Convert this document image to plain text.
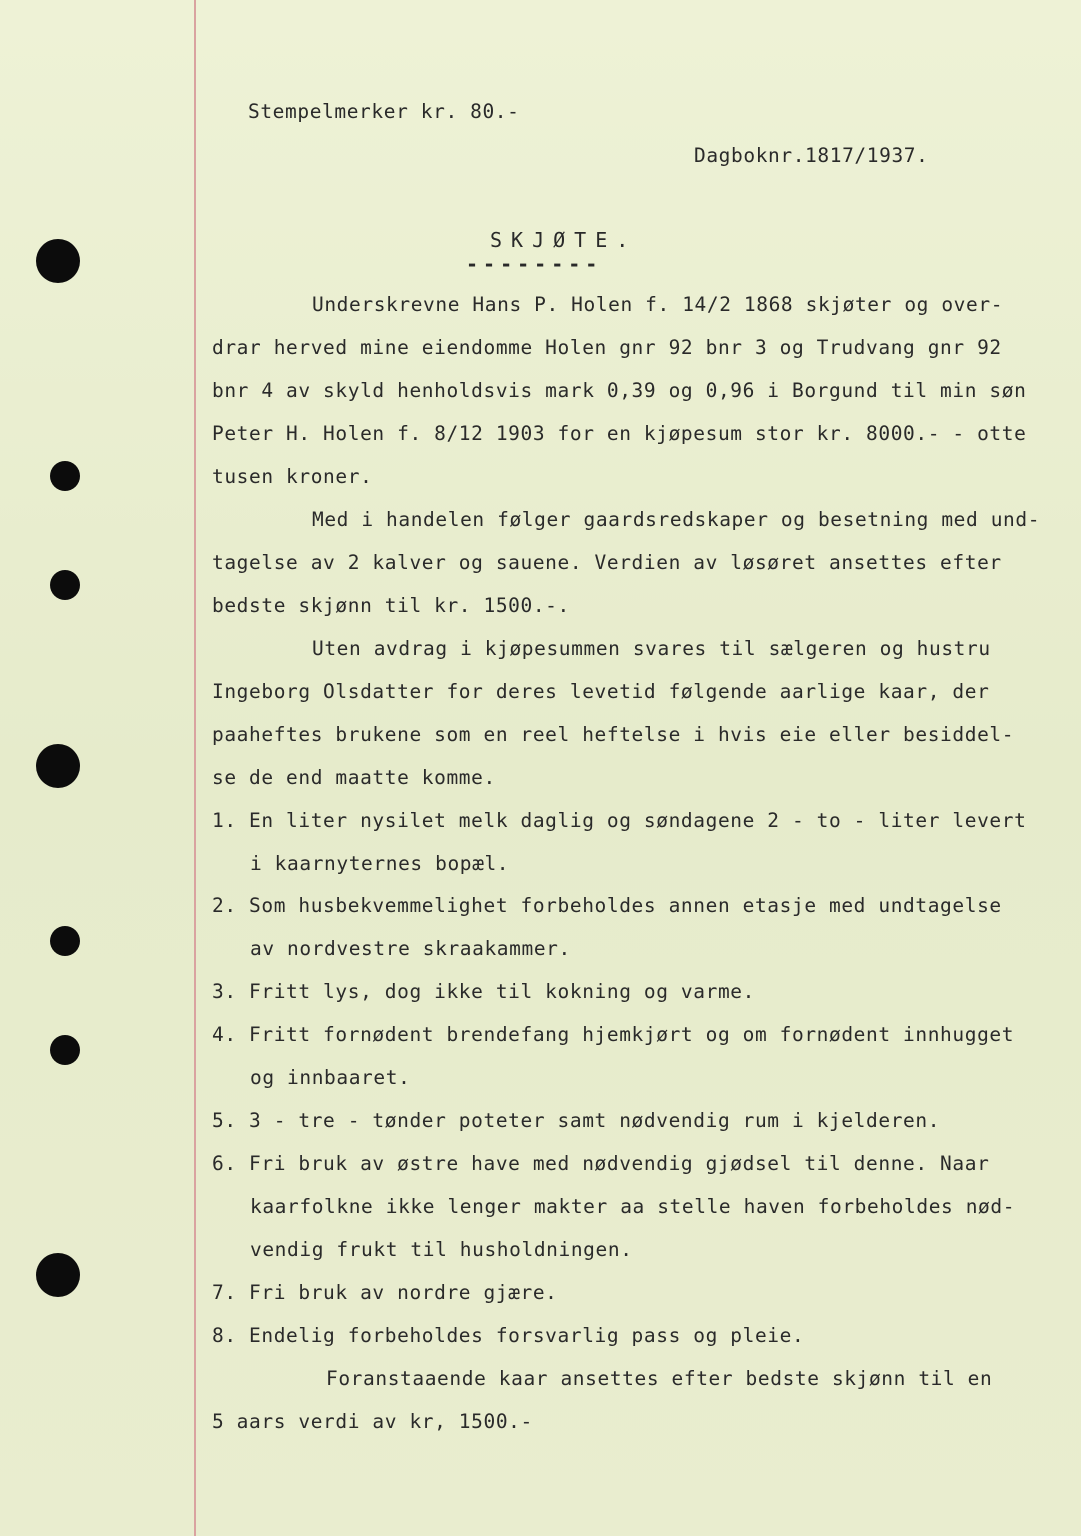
Stempelmerker kr. 80.-
Dagboknr.1817/1937.
SKJØTE.
--------
Underskrevne Hans P. Holen f. 14/2 1868 skjøter og over-
drar herved mine eiendomme Holen gnr 92 bnr 3 og Trudvang gnr 92
bnr 4 av skyld henholdsvis mark 0,39 og 0,96 i Borgund til min søn
Peter H. Holen f. 8/12 1903 for en kjøpesum stor kr. 8000.- - otte
tusen kroner.
Med i handelen følger gaardsredskaper og besetning med und-
tagelse av 2 kalver og sauene. Verdien av løsøret ansettes efter
bedste skjønn til kr. 1500.-.
Uten avdrag i kjøpesummen svares til sælgeren og hustru
Ingeborg Olsdatter for deres levetid følgende aarlige kaar, der
paaheftes brukene som en reel heftelse i hvis eie eller besiddel-
se de end maatte komme.
1. En liter nysilet melk daglig og søndagene 2 - to - liter levert
i kaarnyternes bopæl.
2. Som husbekvemmelighet forbeholdes annen etasje med undtagelse
av nordvestre skraakammer.
3. Fritt lys, dog ikke til kokning og varme.
4. Fritt fornødent brendefang hjemkjørt og om fornødent innhugget
og innbaaret.
5. 3 - tre - tønder poteter samt nødvendig rum i kjelderen.
6. Fri bruk av østre have med nødvendig gjødsel til denne. Naar
kaarfolkne ikke lenger makter aa stelle haven forbeholdes nød-
vendig frukt til husholdningen.
7. Fri bruk av nordre gjære.
8. Endelig forbeholdes forsvarlig pass og pleie.
Foranstaaende kaar ansettes efter bedste skjønn til en
5 aars verdi av kr, 1500.-
